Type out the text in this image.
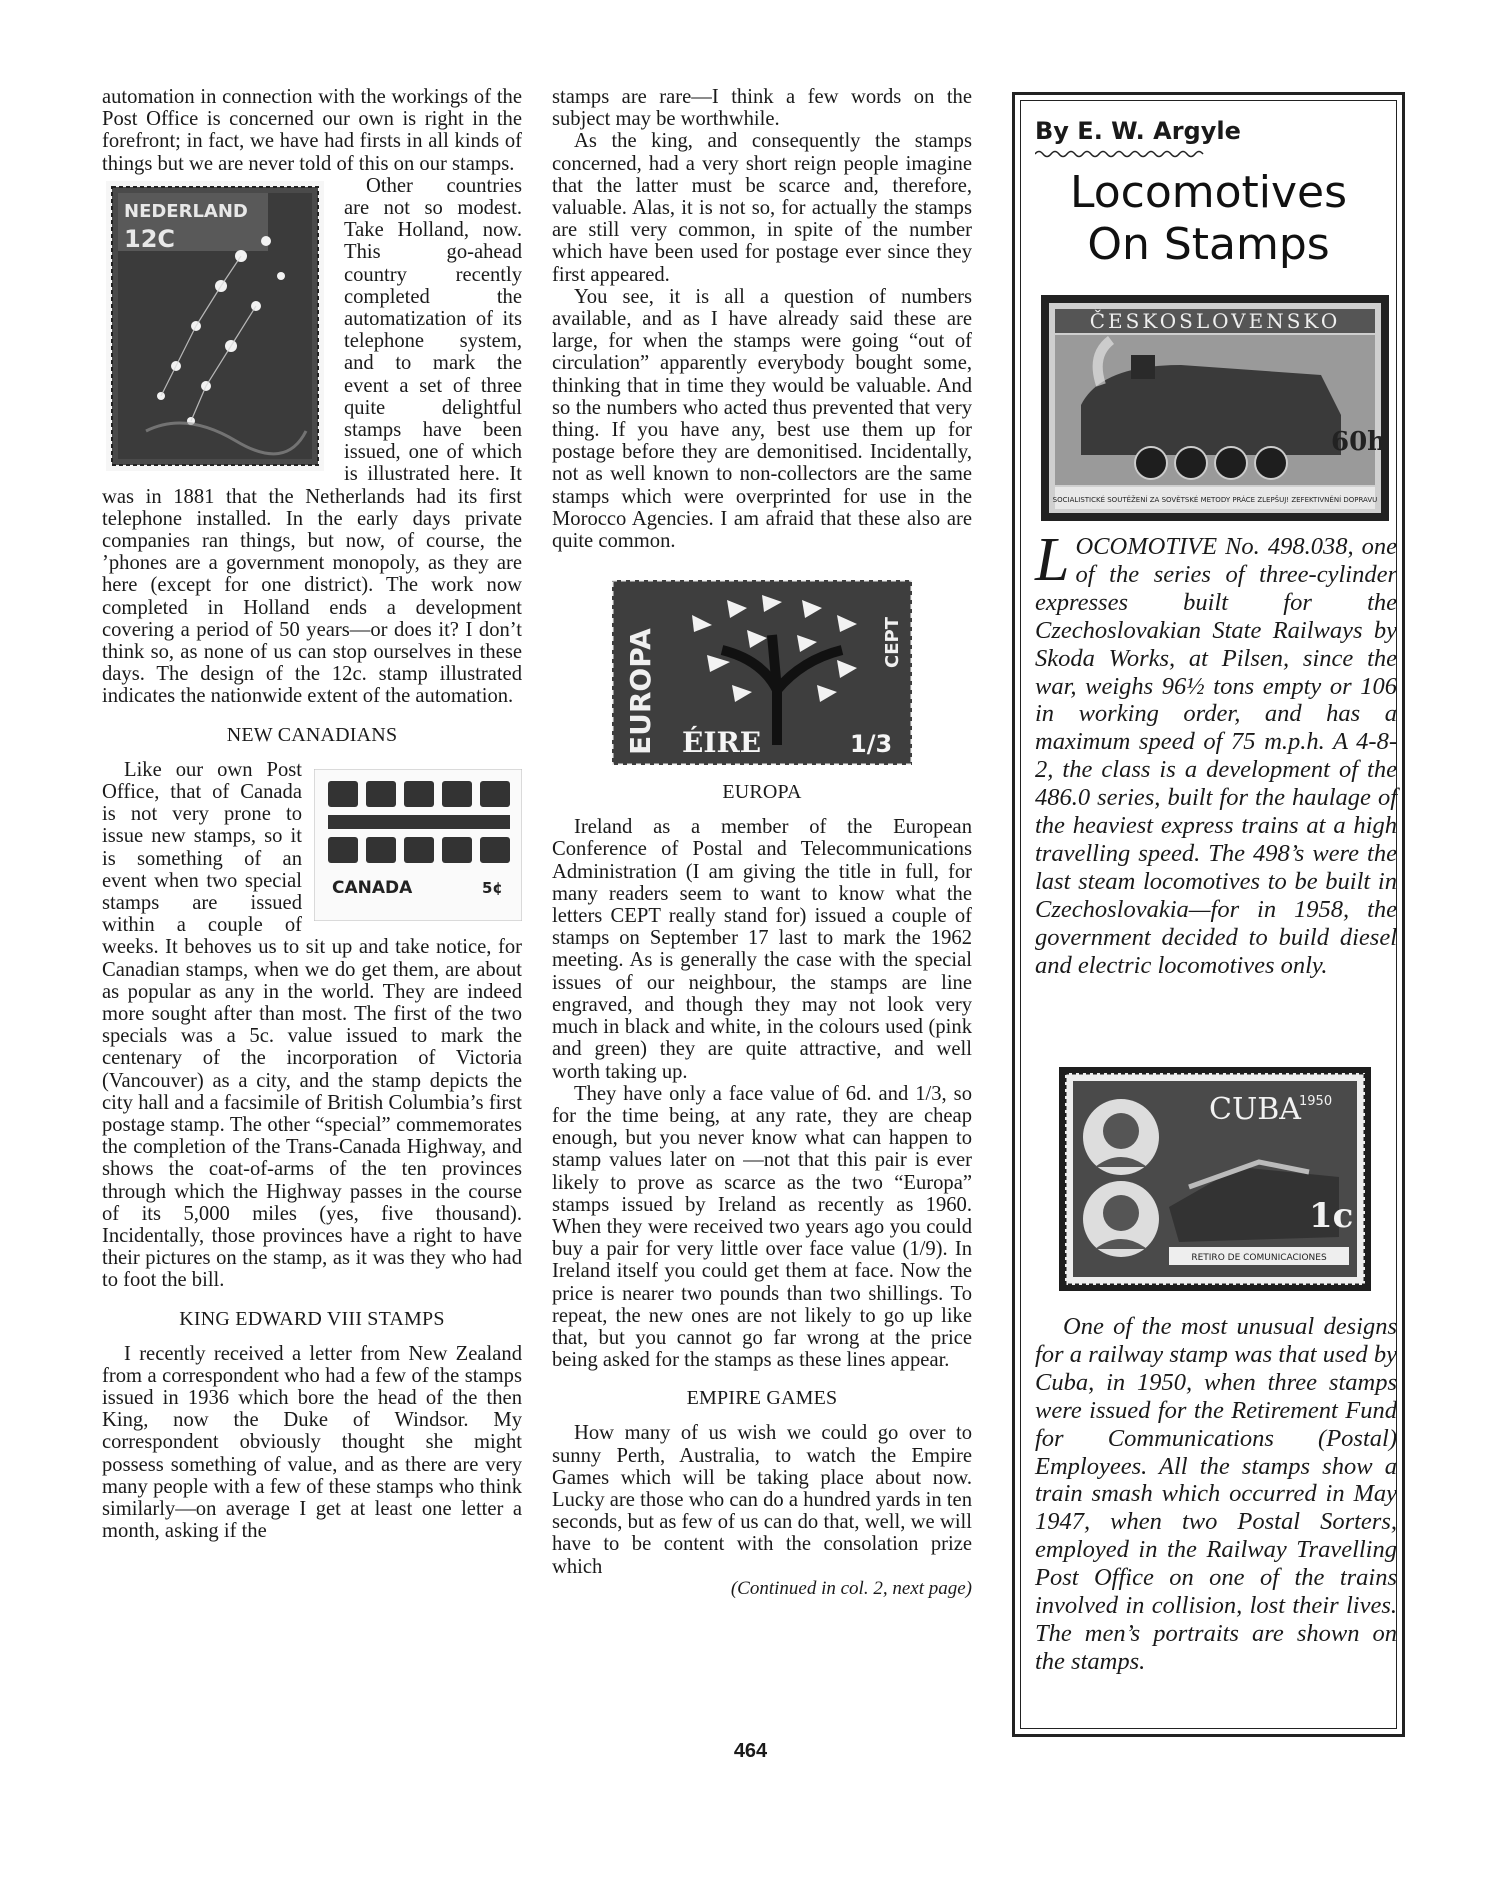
automation in connection with the workings of the Post Office is concerned our own is right in the forefront; in fact, we have had firsts in all kinds of things but we are never told of this on our stamps.

NEDERLAND
12C

Other countries are not so modest. Take Holland, now. This go-ahead country recently completed the automatization of its telephone system, and to mark the event a set of three quite delightful stamps have been issued, one of which is illustrated here. It was in 1881 that the Netherlands had its first telephone installed. In the early days private companies ran things, but now, of course, the ’phones are a government monopoly, as they are here (except for one district). The work now completed in Holland ends a development covering a period of 50 years—or does it? I don’t think so, as none of us can stop ourselves in these days. The design of the 12c. stamp illustrated indicates the nationwide extent of the automation.

NEW CANADIANS

CANADA	5¢
Like our own Post Office, that of Canada is not very prone to issue new stamps, so it is something of an event when two special stamps are issued within a couple of weeks. It behoves us to sit up and take notice, for Canadian stamps, when we do get them, are about as popular as any in the world. They are indeed more sought after than most. The first of the two specials was a 5c. value issued to mark the centenary of the incorporation of Victoria (Vancouver) as a city, and the stamp depicts the city hall and a facsimile of British Columbia’s first postage stamp. The other “special” commemorates the completion of the Trans-Canada Highway, and shows the coat-of-arms of the ten provinces through which the Highway passes in the course of its 5,000 miles (yes, five thousand). Incidentally, those provinces have a right to have their pictures on the stamp, as it was they who had to foot the bill.

KING EDWARD VIII STAMPS

I recently received a letter from New Zealand from a correspondent who had a few of the stamps issued in 1936 which bore the head of the then King, now the Duke of Windsor. My correspondent obviously thought she might possess something of value, and as there are very many people with a few of these stamps who think similarly—on average I get at least one letter a month, asking if the

stamps are rare—I think a few words on the subject may be worthwhile.

As the king, and consequently the stamps concerned, had a very short reign people imagine that the latter must be scarce and, therefore, valuable. Alas, it is not so, for actually the stamps are still very common, in spite of the number which have been used for postage ever since they first appeared.

You see, it is all a question of numbers available, and as I have already said these are large, for when the stamps were going “out of circulation” apparently everybody bought some, thinking that in time they would be valuable. And so the numbers who acted thus prevented that very thing. If you have any, best use them up for postage before they are demonitised. Incidentally, not as well known to non-collectors are the same stamps which were overprinted for use in the Morocco Agencies. I am afraid that these also are quite common.

EUROPA	CEPT
ÉIRE	1/3
EUROPA

Ireland as a member of the European Conference of Postal and Telecommunications Administration (I am giving the title in full, for many readers seem to want to know what the letters CEPT really stand for) issued a couple of stamps on September 17 last to mark the 1962 meeting. As is generally the case with the special issues of our neighbour, the stamps are line engraved, and though they may not look very much in black and white, in the colours used (pink and green) they are quite attractive, and well worth taking up.

They have only a face value of 6d. and 1/3, so for the time being, at any rate, they are cheap enough, but you never know what can happen to stamp values later on —not that this pair is ever likely to prove as scarce as the two “Europa” stamps issued by Ireland as recently as 1960. When they were received two years ago you could buy a pair for very little over face value (1/9). In Ireland itself you could get them at face. Now the price is nearer two pounds than two shillings. To repeat, the new ones are not likely to go up like that, but you cannot go far wrong at the price being asked for the stamps as these lines appear.

EMPIRE GAMES

How many of us wish we could go over to sunny Perth, Australia, to watch the Empire Games which will be taking place about now. Lucky are those who can do a hundred yards in ten seconds, but as few of us can do that, well, we will have to be content with the consolation prize which

(Continued in col. 2, next page)

By E. W. Argyle
Locomotives
On Stamps
ČESKOSLOVENSKO
60h
SOCIALISTICKÉ SOUTĚŽENÍ ZA SOVĚTSKÉ METODY PRÁCE ZLEPŠUJ! ZEFEKTIVNĚNÍ DOPRAVU

LOCOMOTIVE No. 498.038, one of the series of three-cylinder expresses built for the Czechoslovakian State Railways by Skoda Works, at Pilsen, since the war, weighs 96½ tons empty or 106 in working order, and has a maximum speed of 75 m.p.h. A 4-8-2, the class is a development of the 486.0 series, built for the haulage of the heaviest express trains at a high travelling speed. The 498’s were the last steam locomotives to be built in Czechoslovakia—for in 1958, the government decided to build diesel and electric locomotives only.

CUBA
1950
1c
RETIRO DE COMUNICACIONES

One of the most unusual designs for a railway stamp was that used by Cuba, in 1950, when three stamps were issued for the Retirement Fund for Communications (Postal) Employees. All the stamps show a train smash which occurred in May 1947, when two Postal Sorters, employed in the Railway Travelling Post Office on one of the trains involved in collision, lost their lives. The men’s portraits are shown on the stamps.

464
